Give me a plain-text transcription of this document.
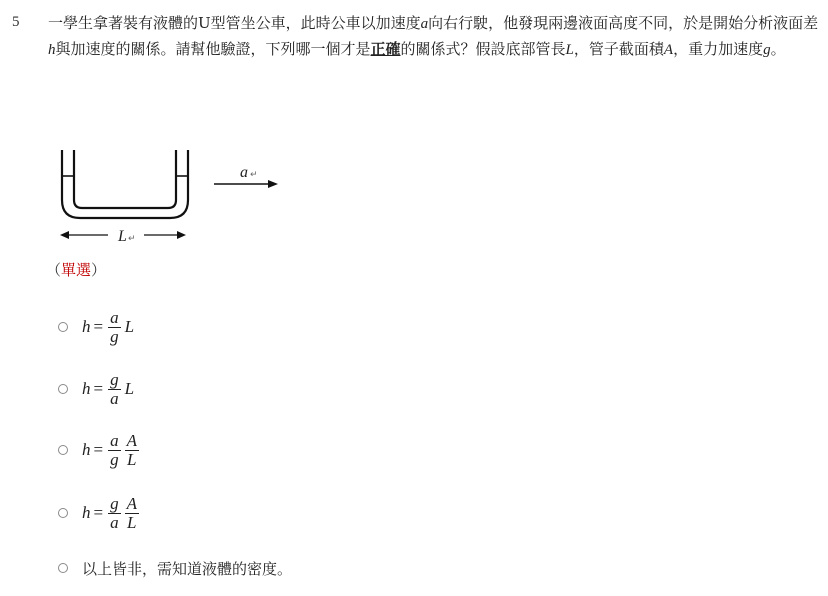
5 一學生拿著裝有液體的U型管坐公車，此時公車以加速度a向右行駛，他發現兩邊液面高度不同，於是開始分析液面差h與加速度的關係。請幫他驗證，下列哪一個才是正確的關係式？假設底部管長L，管子截面積A，重力加速度g。
a ↵
L ↵
（單選）
$h = \frac{a}{g}$ L
$h = \frac{g}{a}$ L
$h = \frac{a}{g} \frac{A}{L}$
$h = \frac{g}{a} \frac{A}{L}$
以上皆非，需知道液體的密度。
